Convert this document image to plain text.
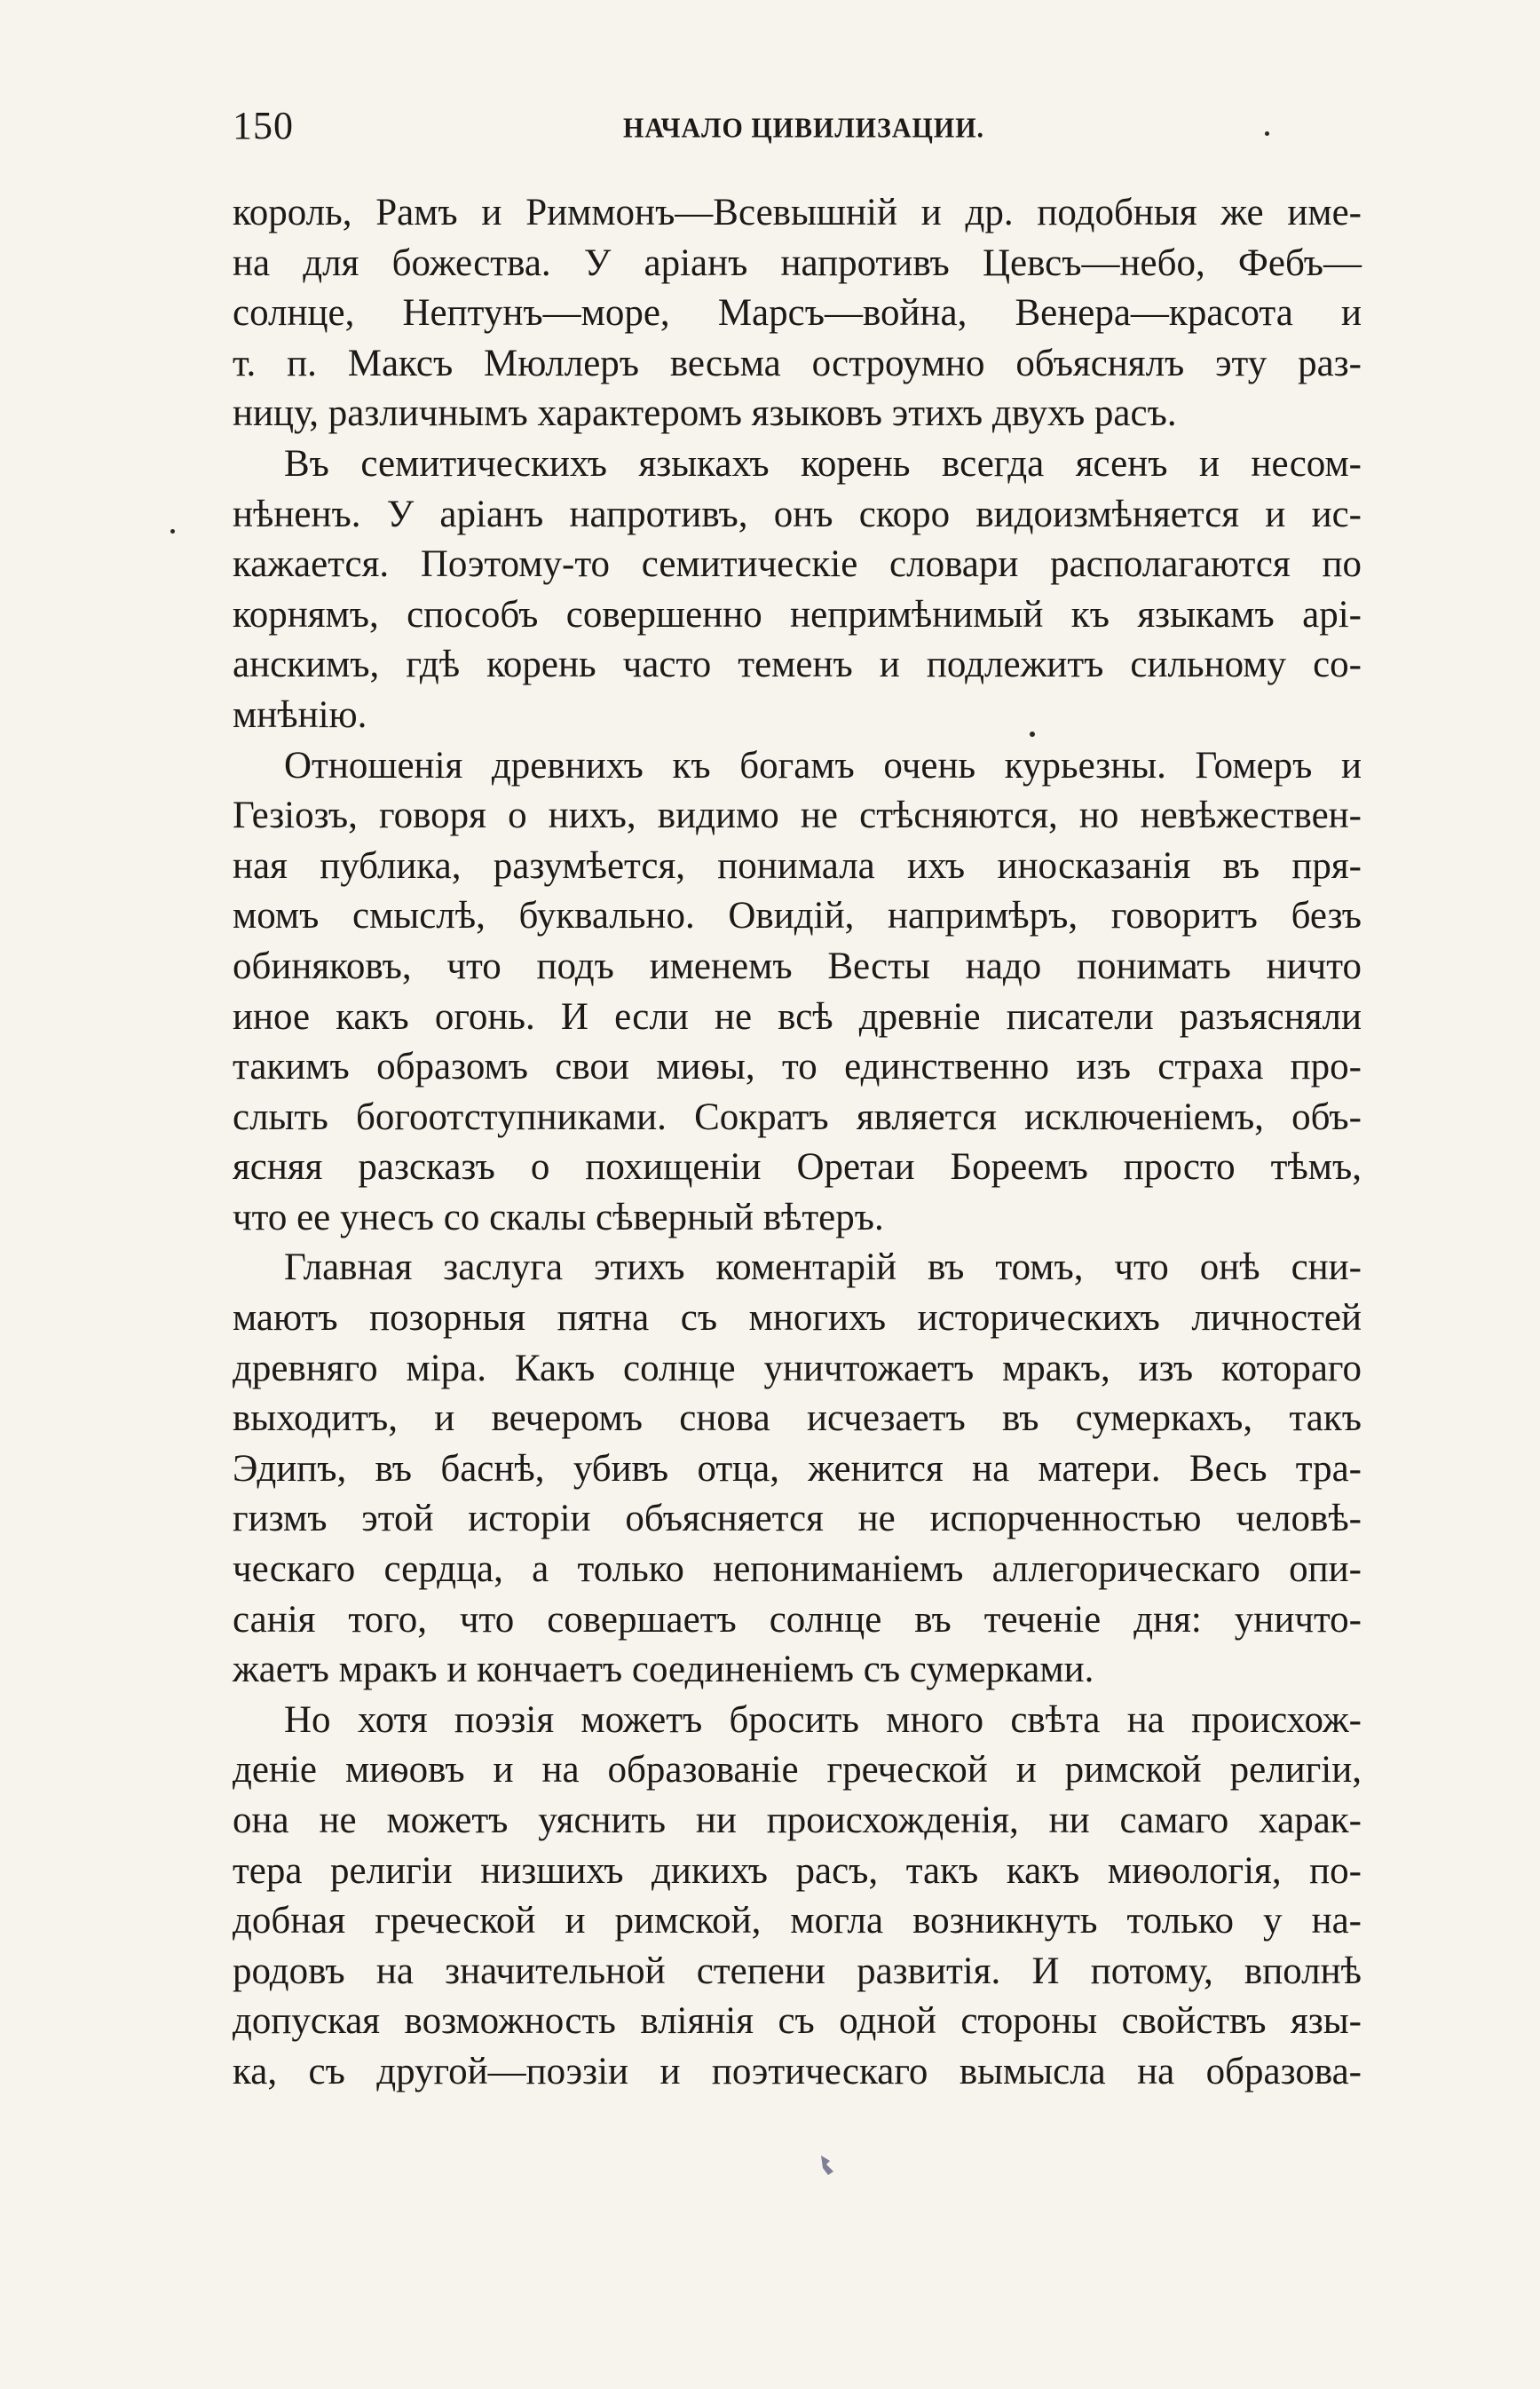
150	НАЧАЛО ЦИВИЛИЗАЦИИ.
король, Рамъ и Риммонъ—Всевышній и др. подобныя же име-
на для божества. У аріанъ напротивъ Цевсъ—небо, Фебъ—
солнце, Нептунъ—море, Марсъ—война, Венера—красота и
т. п. Максъ Мюллеръ весьма остроумно объяснялъ эту раз-
ницу, различнымъ характеромъ языковъ этихъ двухъ расъ.
Въ семитическихъ языкахъ корень всегда ясенъ и несом-
нѣненъ. У аріанъ напротивъ, онъ скоро видоизмѣняется и ис-
кажается. Поэтому-то семитическіе словари располагаются по
корнямъ, способъ совершенно непримѣнимый къ языкамъ арі-
анскимъ, гдѣ корень часто теменъ и подлежитъ сильному со-
мнѣнію.
Отношенія древнихъ къ богамъ очень курьезны. Гомеръ и
Гезіозъ, говоря о нихъ, видимо не стѣсняются, но невѣжествен-
ная публика, разумѣется, понимала ихъ иносказанія въ пря-
момъ смыслѣ, буквально. Овидій, напримѣръ, говоритъ безъ
обиняковъ, что подъ именемъ Весты надо понимать ничто
иное какъ огонь. И если не всѣ древніе писатели разъясняли
такимъ образомъ свои миѳы, то единственно изъ страха про-
слыть богоотступниками. Сократъ является исключеніемъ, объ-
ясняя разсказъ о похищеніи Оретаи Бореемъ просто тѣмъ,
что ее унесъ со скалы сѣверный вѣтеръ.
Главная заслуга этихъ коментарій въ томъ, что онѣ сни-
маютъ позорныя пятна съ многихъ историческихъ личностей
древняго міра. Какъ солнце уничтожаетъ мракъ, изъ котораго
выходитъ, и вечеромъ снова исчезаетъ въ сумеркахъ, такъ
Эдипъ, въ баснѣ, убивъ отца, женится на матери. Весь тра-
гизмъ этой исторіи объясняется не испорченностью человѣ-
ческаго сердца, а только непониманіемъ аллегорическаго опи-
санія того, что совершаетъ солнце въ теченіе дня: уничто-
жаетъ мракъ и кончаетъ соединеніемъ съ сумерками.
Но хотя поэзія можетъ бросить много свѣта на происхож-
деніе миѳовъ и на образованіе греческой и римской религіи,
она не можетъ уяснить ни происхожденія, ни самаго харак-
тера религіи низшихъ дикихъ расъ, такъ какъ миѳологія, по-
добная греческой и римской, могла возникнуть только у на-
родовъ на значительной степени развитія. И потому, вполнѣ
допуская возможность вліянія съ одной стороны свойствъ язы-
ка, съ другой—поэзіи и поэтическаго вымысла на образова-
